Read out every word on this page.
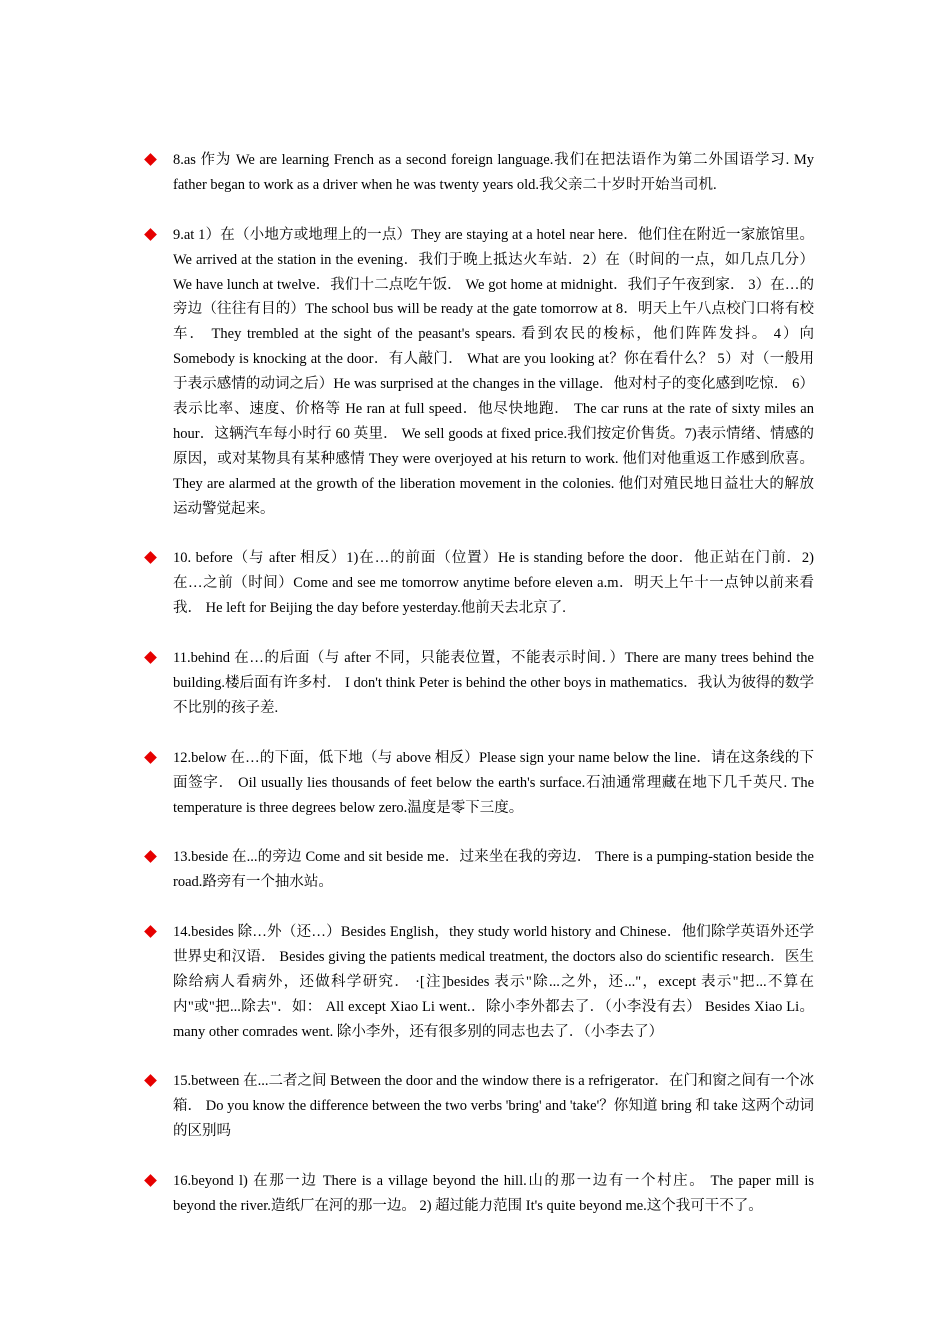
8.as 作为 We are learning French as a second foreign language.我们在把法语作为第二外国语学习. My father began to work as a driver when he was twenty years old.我父亲二十岁时开始当司机.
9.at 1）在（小地方或地理上的一点）They are staying at a hotel near here．他们住在附近一家旅馆里。 We arrived at the station in the evening．我们于晚上抵达火车站．2）在（时间的一点，如几点几分）We have lunch at twelve．我们十二点吃午饭． We got home at midnight．我们子午夜到家． 3）在…的旁边（往往有目的）The school bus will be ready at the gate tomorrow at 8．明天上午八点校门口将有校车． They trembled at the sight of the peasant's spears. 看到农民的梭标，他们阵阵发抖。 4）向 Somebody is knocking at the door．有人敲门． What are you looking at？你在看什么？ 5）对（一般用于表示感情的动词之后）He was surprised at the changes in the village．他对村子的变化感到吃惊． 6）表示比率、速度、价格等 He ran at full speed．他尽快地跑． The car runs at the rate of sixty miles an hour．这辆汽车每小时行 60 英里． We sell goods at fixed price.我们按定价售货。7)表示情绪、情感的原因，或对某物具有某种感情 They were overjoyed at his return to work. 他们对他重返工作感到欣喜。 They are alarmed at the growth of the liberation movement in the colonies. 他们对殖民地日益壮大的解放运动警觉起来。
10. before（与 after 相反）1)在…的前面（位置）He is standing before the door．他正站在门前．2) 在…之前（时间）Come and see me tomorrow anytime before eleven a.m．明天上午十一点钟以前来看我． He left for Beijing the day before yesterday.他前天去北京了.
11.behind 在…的后面（与 after 不同，只能表位置，不能表示时间．）There are many trees behind the building.楼后面有许多村． I don't think Peter is behind the other boys in mathematics．我认为彼得的数学不比别的孩子差.
12.below 在…的下面，低下地（与 above 相反）Please sign your name below the line．请在这条线的下面签字． Oil usually lies thousands of feet below the earth's surface.石油通常理藏在地下几千英尺. The temperature is three degrees below zero.温度是零下三度。
13.beside 在...的旁边 Come and sit beside me．过来坐在我的旁边． There is a pumping-station beside the road.路旁有一个抽水站。
14.besides 除…外（还…）Besides English，they study world history and Chinese．他们除学英语外还学世界史和汉语． Besides giving the patients medical treatment, the doctors also do scientific research．医生除给病人看病外，还做科学研究． ·[注]besides 表示"除...之外，还..."，except 表示"把...不算在内"或"把...除去"．如： All except Xiao Li went.．除小李外都去了．（小李没有去） Besides Xiao Li。 many other comrades went. 除小李外，还有很多别的同志也去了．（小李去了）
15.between 在...二者之间 Between the door and the window there is a refrigerator．在门和窗之间有一个冰箱． Do you know the difference between the two verbs 'bring' and 'take'？你知道 bring 和 take 这两个动词的区别吗
16.beyond l) 在那一边 There is a village beyond the hill.山的那一边有一个村庄。 The paper mill is beyond the river.造纸厂在河的那一边。 2) 超过能力范围 It's quite beyond me.这个我可干不了。
